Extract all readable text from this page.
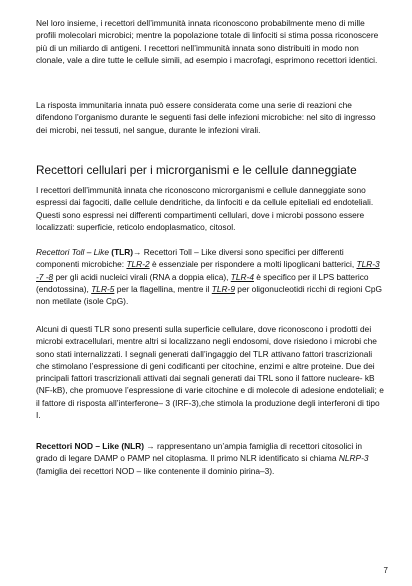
Nel loro insieme, i recettori dell’immunità innata riconoscono probabilmente meno di mille profili molecolari microbici; mentre la popolazione totale di linfociti si stima possa riconoscere più di un miliardo di antigeni. I recettori nell’immunità innata sono distribuiti in modo non clonale, vale a dire tutte le cellule simili, ad esempio i macrofagi, esprimono recettori identici.

La risposta immunitaria innata può essere considerata come una serie di reazioni che difendono l’organismo durante le seguenti fasi delle infezioni microbiche: nel sito di ingresso dei microbi, nei tessuti, nel sangue, durante le infezioni virali.

Recettori cellulari per i microrganismi e le cellule danneggiate

I recettori dell’immunità innata che riconoscono microrganismi e cellule danneggiate sono espressi dai fagociti, dalle cellule dendritiche, da linfociti e da cellule epiteliali ed endoteliali. Questi sono espressi nei differenti compartimenti cellulari, dove i microbi possono essere localizzati: superficie, reticolo endoplasmatico, citosol.

Recettori Toll – Like (TLR)→ Recettori Toll – Like diversi sono specifici per differenti componenti microbiche: TLR-2 è essenziale per rispondere a molti lipoglicani batterici, TLR-3 -7 -8 per gli acidi nucleici virali (RNA a doppia elica), TLR-4 è specifico per il LPS batterico (endotossina), TLR-5 per la flagellina, mentre il TLR-9 per oligonucleotidi ricchi di regioni CpG non metilate (isole CpG).

Alcuni di questi TLR sono presenti sulla superficie cellulare, dove riconoscono i prodotti dei microbi extracellulari, mentre altri si localizzano negli endosomi, dove risiedono i microbi che sono stati internalizzati. I segnali generati dall’ingaggio del TLR attivano fattori trascrizionali che stimolano l’espressione di geni codificanti per citochine, enzimi e altre proteine. Due dei principali fattori trascrizionali attivati dai segnali generati dai TRL sono il fattore nucleare- kB (NF-kB), che promuove l’espressione di varie citochine e di molecole di adesione endoteliali; e il fattore di risposta all’interferone– 3 (IRF-3),che stimola la produzione degli interferoni di tipo I.

Recettori NOD – Like (NLR) → rappresentano un’ampia famiglia di recettori citosolici in grado di legare DAMP o PAMP nel citoplasma. Il primo NLR identificato si chiama NLRP-3 (famiglia dei recettori NOD – like contenente il dominio pirina–3).

7
